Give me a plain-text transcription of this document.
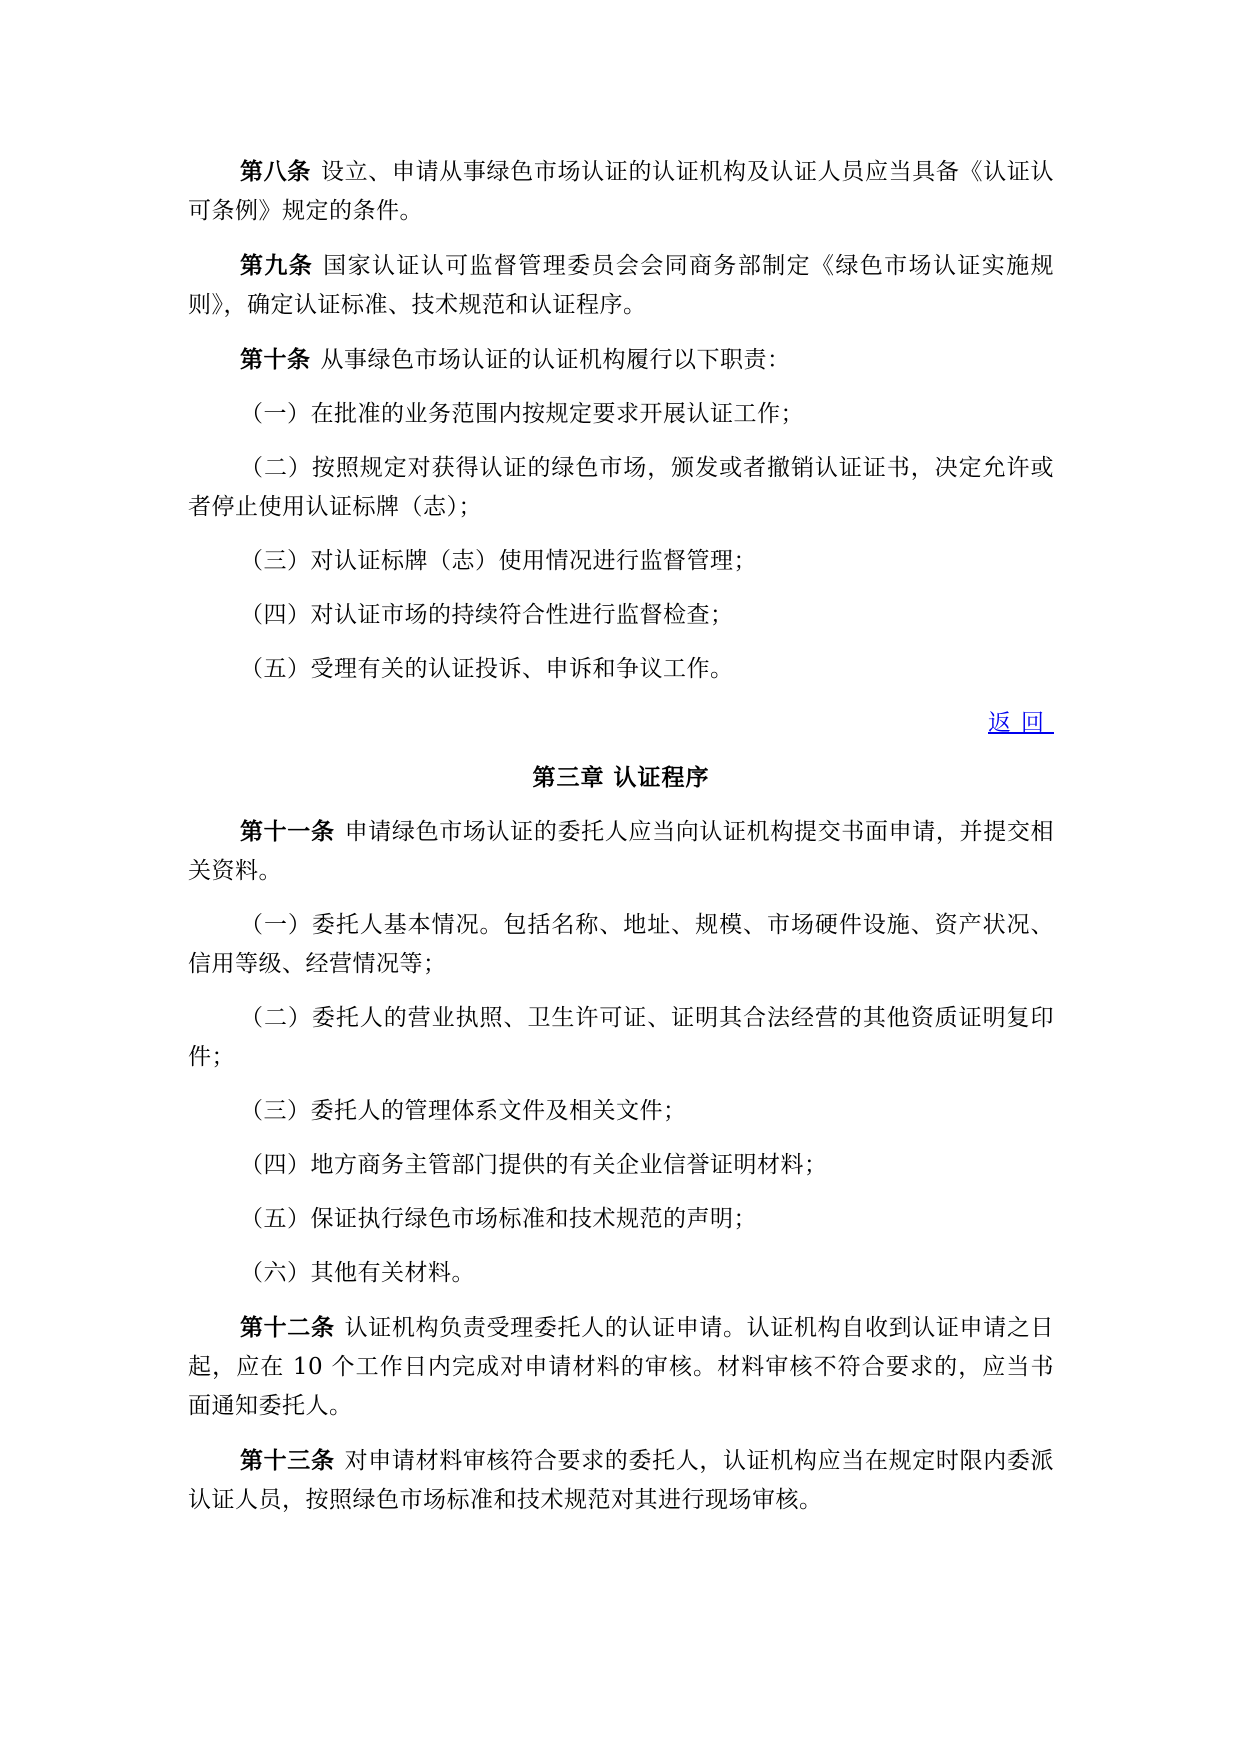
第八条 设立、申请从事绿色市场认证的认证机构及认证人员应当具备《认证认可条例》规定的条件。

第九条 国家认证认可监督管理委员会会同商务部制定《绿色市场认证实施规则》，确定认证标准、技术规范和认证程序。

第十条 从事绿色市场认证的认证机构履行以下职责：

（一）在批准的业务范围内按规定要求开展认证工作；

（二）按照规定对获得认证的绿色市场，颁发或者撤销认证证书，决定允许或者停止使用认证标牌（志）；

（三）对认证标牌（志）使用情况进行监督管理；

（四）对认证市场的持续符合性进行监督检查；

（五）受理有关的认证投诉、申诉和争议工作。

返回
第三章 认证程序

第十一条 申请绿色市场认证的委托人应当向认证机构提交书面申请，并提交相关资料。

（一）委托人基本情况。包括名称、地址、规模、市场硬件设施、资产状况、信用等级、经营情况等；

（二）委托人的营业执照、卫生许可证、证明其合法经营的其他资质证明复印件；

（三）委托人的管理体系文件及相关文件；

（四）地方商务主管部门提供的有关企业信誉证明材料；

（五）保证执行绿色市场标准和技术规范的声明；

（六）其他有关材料。

第十二条 认证机构负责受理委托人的认证申请。认证机构自收到认证申请之日起，应在 10 个工作日内完成对申请材料的审核。材料审核不符合要求的，应当书面通知委托人。

第十三条 对申请材料审核符合要求的委托人，认证机构应当在规定时限内委派认证人员，按照绿色市场标准和技术规范对其进行现场审核。
